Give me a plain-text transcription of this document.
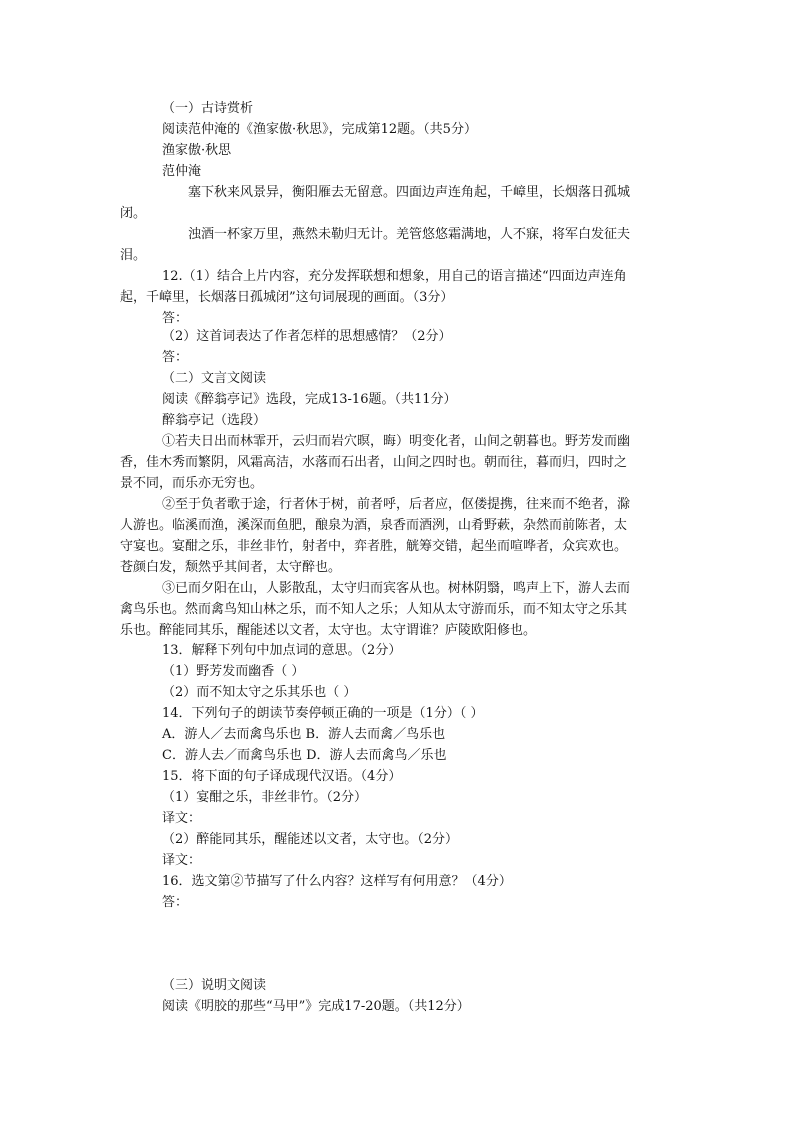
（一）古诗赏析
阅读范仲淹的《渔家傲·秋思》，完成第12题。（共5分）
渔家傲·秋思
范仲淹
塞下秋来风景异，衡阳雁去无留意。四面边声连角起，千嶂里，长烟落日孤城
闭。
浊酒一杯家万里，燕然未勒归无计。羌管悠悠霜满地，人不寐，将军白发征夫
泪。
12.（1）结合上片内容，充分发挥联想和想象，用自己的语言描述“四面边声连角
起，千嶂里，长烟落日孤城闭”这句词展现的画面。（3分）
答：
（2）这首词表达了作者怎样的思想感情？（2分）
答：
（二）文言文阅读
阅读《醉翁亭记》选段，完成13-16题。（共11分）
醉翁亭记（选段）
①若夫日出而林霏开，云归而岩穴暝，晦）明变化者，山间之朝暮也。野芳发而幽
香，佳木秀而繁阴，风霜高洁，水落而石出者，山间之四时也。朝而往，暮而归，四时之
景不同，而乐亦无穷也。
②至于负者歌于途，行者休于树，前者呼，后者应，伛偻提携，往来而不绝者，滁
人游也。临溪而渔，溪深而鱼肥，酿泉为酒，泉香而酒洌，山肴野蔌，杂然而前陈者，太
守宴也。宴酣之乐，非丝非竹，射者中，弈者胜，觥筹交错，起坐而喧哗者，众宾欢也。
苍颜白发，颓然乎其间者，太守醉也。
③已而夕阳在山，人影散乱，太守归而宾客从也。树林阴翳，鸣声上下，游人去而
禽鸟乐也。然而禽鸟知山林之乐，而不知人之乐；人知从太守游而乐，而不知太守之乐其
乐也。醉能同其乐，醒能述以文者，太守也。太守谓谁？庐陵欧阳修也。
13．解释下列句中加点词的意思。（2分）
（1）野芳发而幽香（ ）
（2）而不知太守之乐其乐也（ ）
14．下列句子的朗读节奏停顿正确的一项是（1分）（ ）
A．游人／去而禽鸟乐也 B．游人去而禽／鸟乐也
C．游人去／而禽鸟乐也 D．游人去而禽鸟／乐也
15．将下面的句子译成现代汉语。（4分）
（1）宴酣之乐，非丝非竹。（2分）
译文：
（2）醉能同其乐，醒能述以文者，太守也。（2分）
译文：
16．选文第②节描写了什么内容？这样写有何用意？（4分）
答：
（三）说明文阅读
阅读《明胶的那些“马甲”》完成17-20题。（共12分）
